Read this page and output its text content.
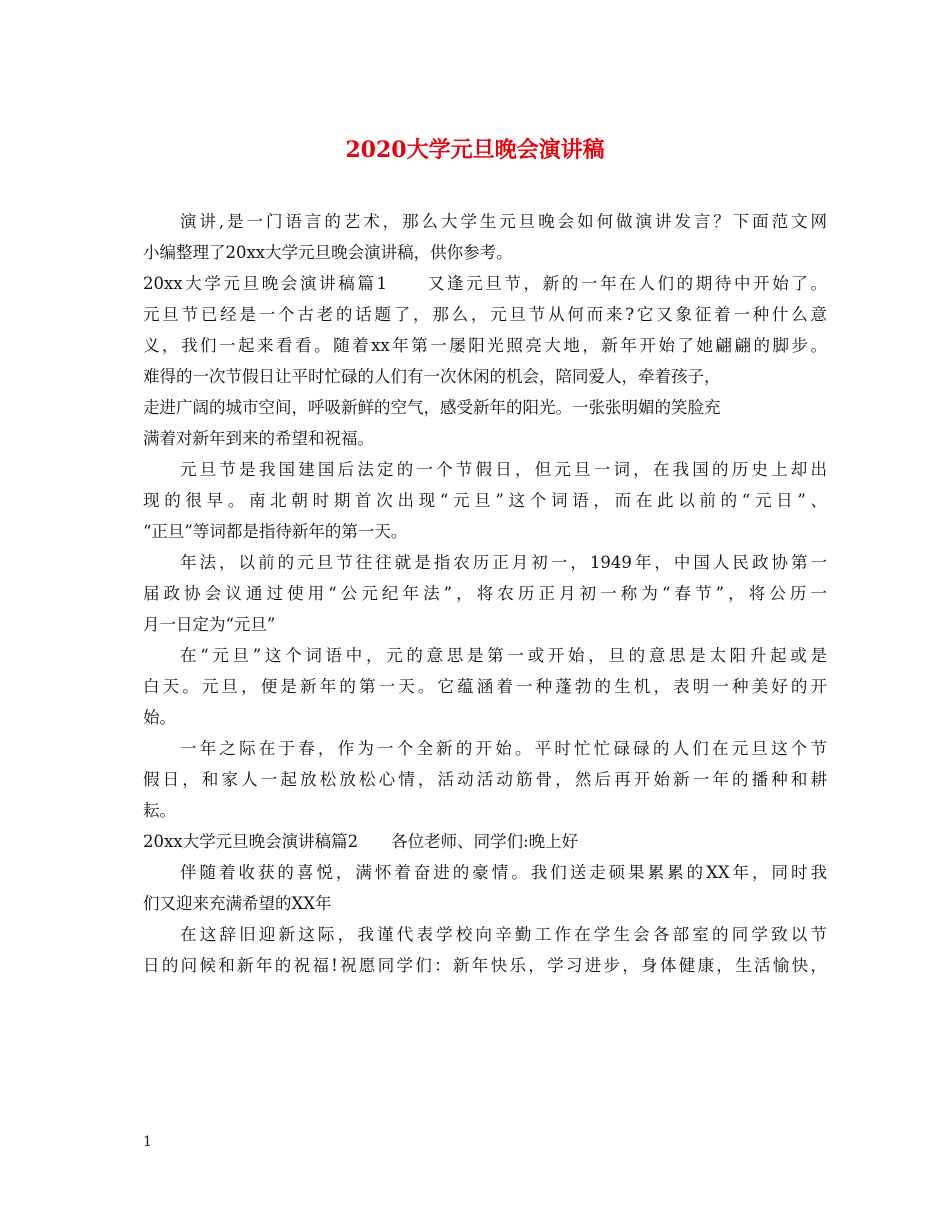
2020大学元旦晚会演讲稿
演讲,是一门语言的艺术，那么大学生元旦晚会如何做演讲发言？下面范文网
小编整理了20xx大学元旦晚会演讲稿，供你参考。
20xx大学元旦晚会演讲稿篇1　　又逢元旦节，新的一年在人们的期待中开始了。
元旦节已经是一个古老的话题了，那么，元旦节从何而来?它又象征着一种什么意
义，我们一起来看看。随着xx年第一屡阳光照亮大地，新年开始了她翩翩的脚步。
难得的一次节假日让平时忙碌的人们有一次休闲的机会，陪同爱人，牵着孩子，
走进广阔的城市空间，呼吸新鲜的空气，感受新年的阳光。一张张明媚的笑脸充
满着对新年到来的希望和祝福。
元旦节是我国建国后法定的一个节假日，但元旦一词，在我国的历史上却出
现的很早。南北朝时期首次出现“元旦”这个词语，而在此以前的“元日”、
“正旦”等词都是指待新年的第一天。
年法，以前的元旦节往往就是指农历正月初一，1949年，中国人民政协第一
届政协会议通过使用“公元纪年法”，将农历正月初一称为“春节”，将公历一
月一日定为“元旦”
在“元旦”这个词语中，元的意思是第一或开始，旦的意思是太阳升起或是
白天。元旦，便是新年的第一天。它蕴涵着一种蓬勃的生机，表明一种美好的开
始。
一年之际在于春，作为一个全新的开始。平时忙忙碌碌的人们在元旦这个节
假日，和家人一起放松放松心情，活动活动筋骨，然后再开始新一年的播种和耕
耘。
20xx大学元旦晚会演讲稿篇2　　各位老师、同学们:晚上好
伴随着收获的喜悦，满怀着奋进的豪情。我们送走硕果累累的XX年，同时我
们又迎来充满希望的XX年
在这辞旧迎新这际，我谨代表学校向辛勤工作在学生会各部室的同学致以节
日的问候和新年的祝福!祝愿同学们：新年快乐，学习进步，身体健康，生活愉快，
1
